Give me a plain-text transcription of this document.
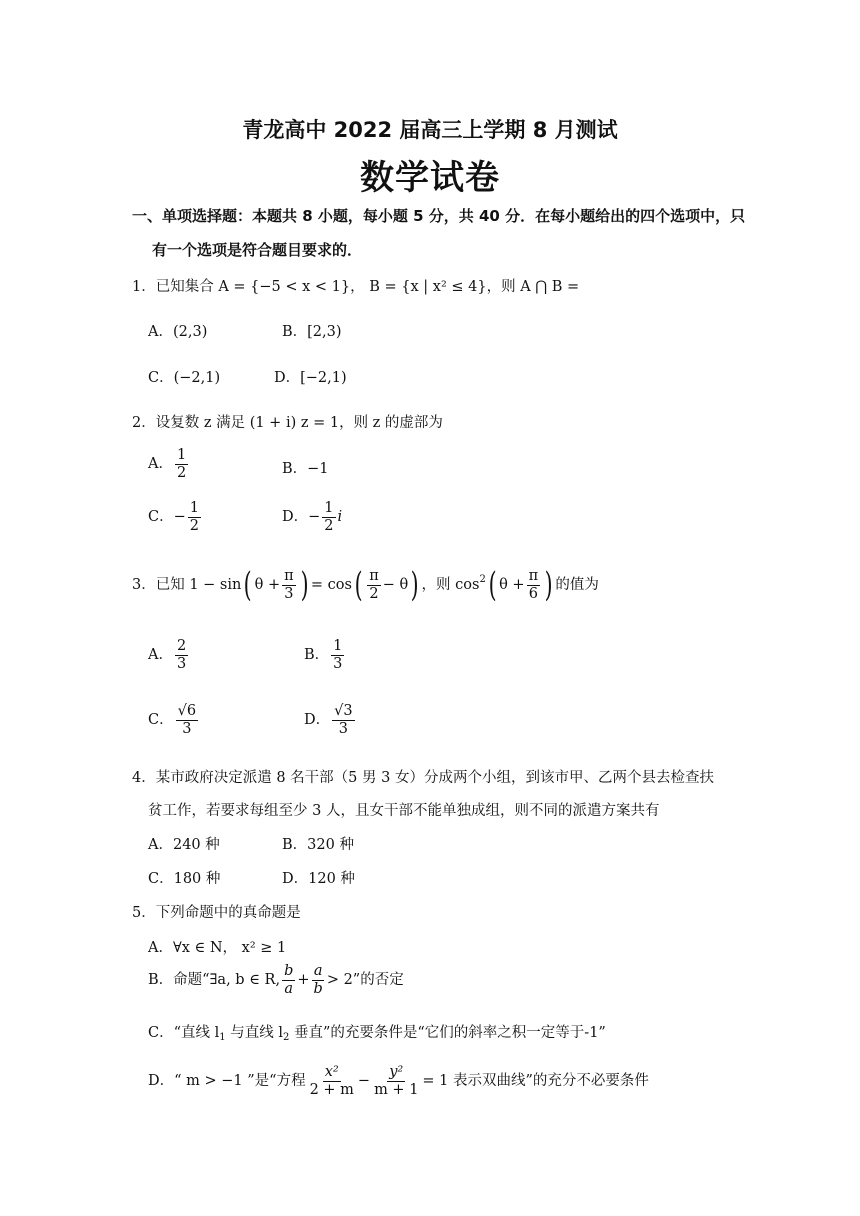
青龙高中 2022 届高三上学期 8 月测试
数学试卷
一、单项选择题：本题共 8 小题，每小题 5 分，共 40 分．在每小题给出的四个选项中，只
有一个选项是符合题目要求的．
1．已知集合 A = {−5 < x < 1}， B = {x | x² ≤ 4}，则 A ⋂ B =
A．(2,3)	B．[2,3)
C．(−2,1)	D．[−2,1)
2．设复数 z 满足 (1 + i) z = 1，则 z 的虚部为
A． $\frac{1}{2}$	B．−1
C．− $\frac{1}{2}$	D．− $\frac{1}{2}$ i
3．已知 1 − sin( $\theta + \frac{\pi}{3}$ ) = $\cos( \frac{\pi}{2} - \theta)$ ，则 $\cos^2$( $\theta + \frac{\pi}{6}$ ) 的值为
A． $\frac{2}{3}$	B． $\frac{1}{3}$
C． $\frac{√6}{3}$	D． $\frac{√3}{3}$
4．某市政府决定派遣 8 名干部（5 男 3 女）分成两个小组，到该市甲、乙两个县去检查扶
贫工作，若要求每组至少 3 人，且女干部不能单独成组，则不同的派遣方案共有
A．240 种	B．320 种
C．180 种	D．120 种
5．下列命题中的真命题是
A．∀x ∈ N， x² ≥ 1
B．命题“∃a, b ∈ R, $\frac{b}{a} + \frac{a}{b} > 2$”的否定
C．“直线 $l_1$ 与直线 $l_2$ 垂直”的充要条件是“它们的斜率之积一定等于-1”
D．“ m > −1 ”是“方程 $\frac{\text{x²}}{2 + m} - \frac{\text{y²}}{m + 1} = 1$ 表示双曲线”的充分不必要条件
